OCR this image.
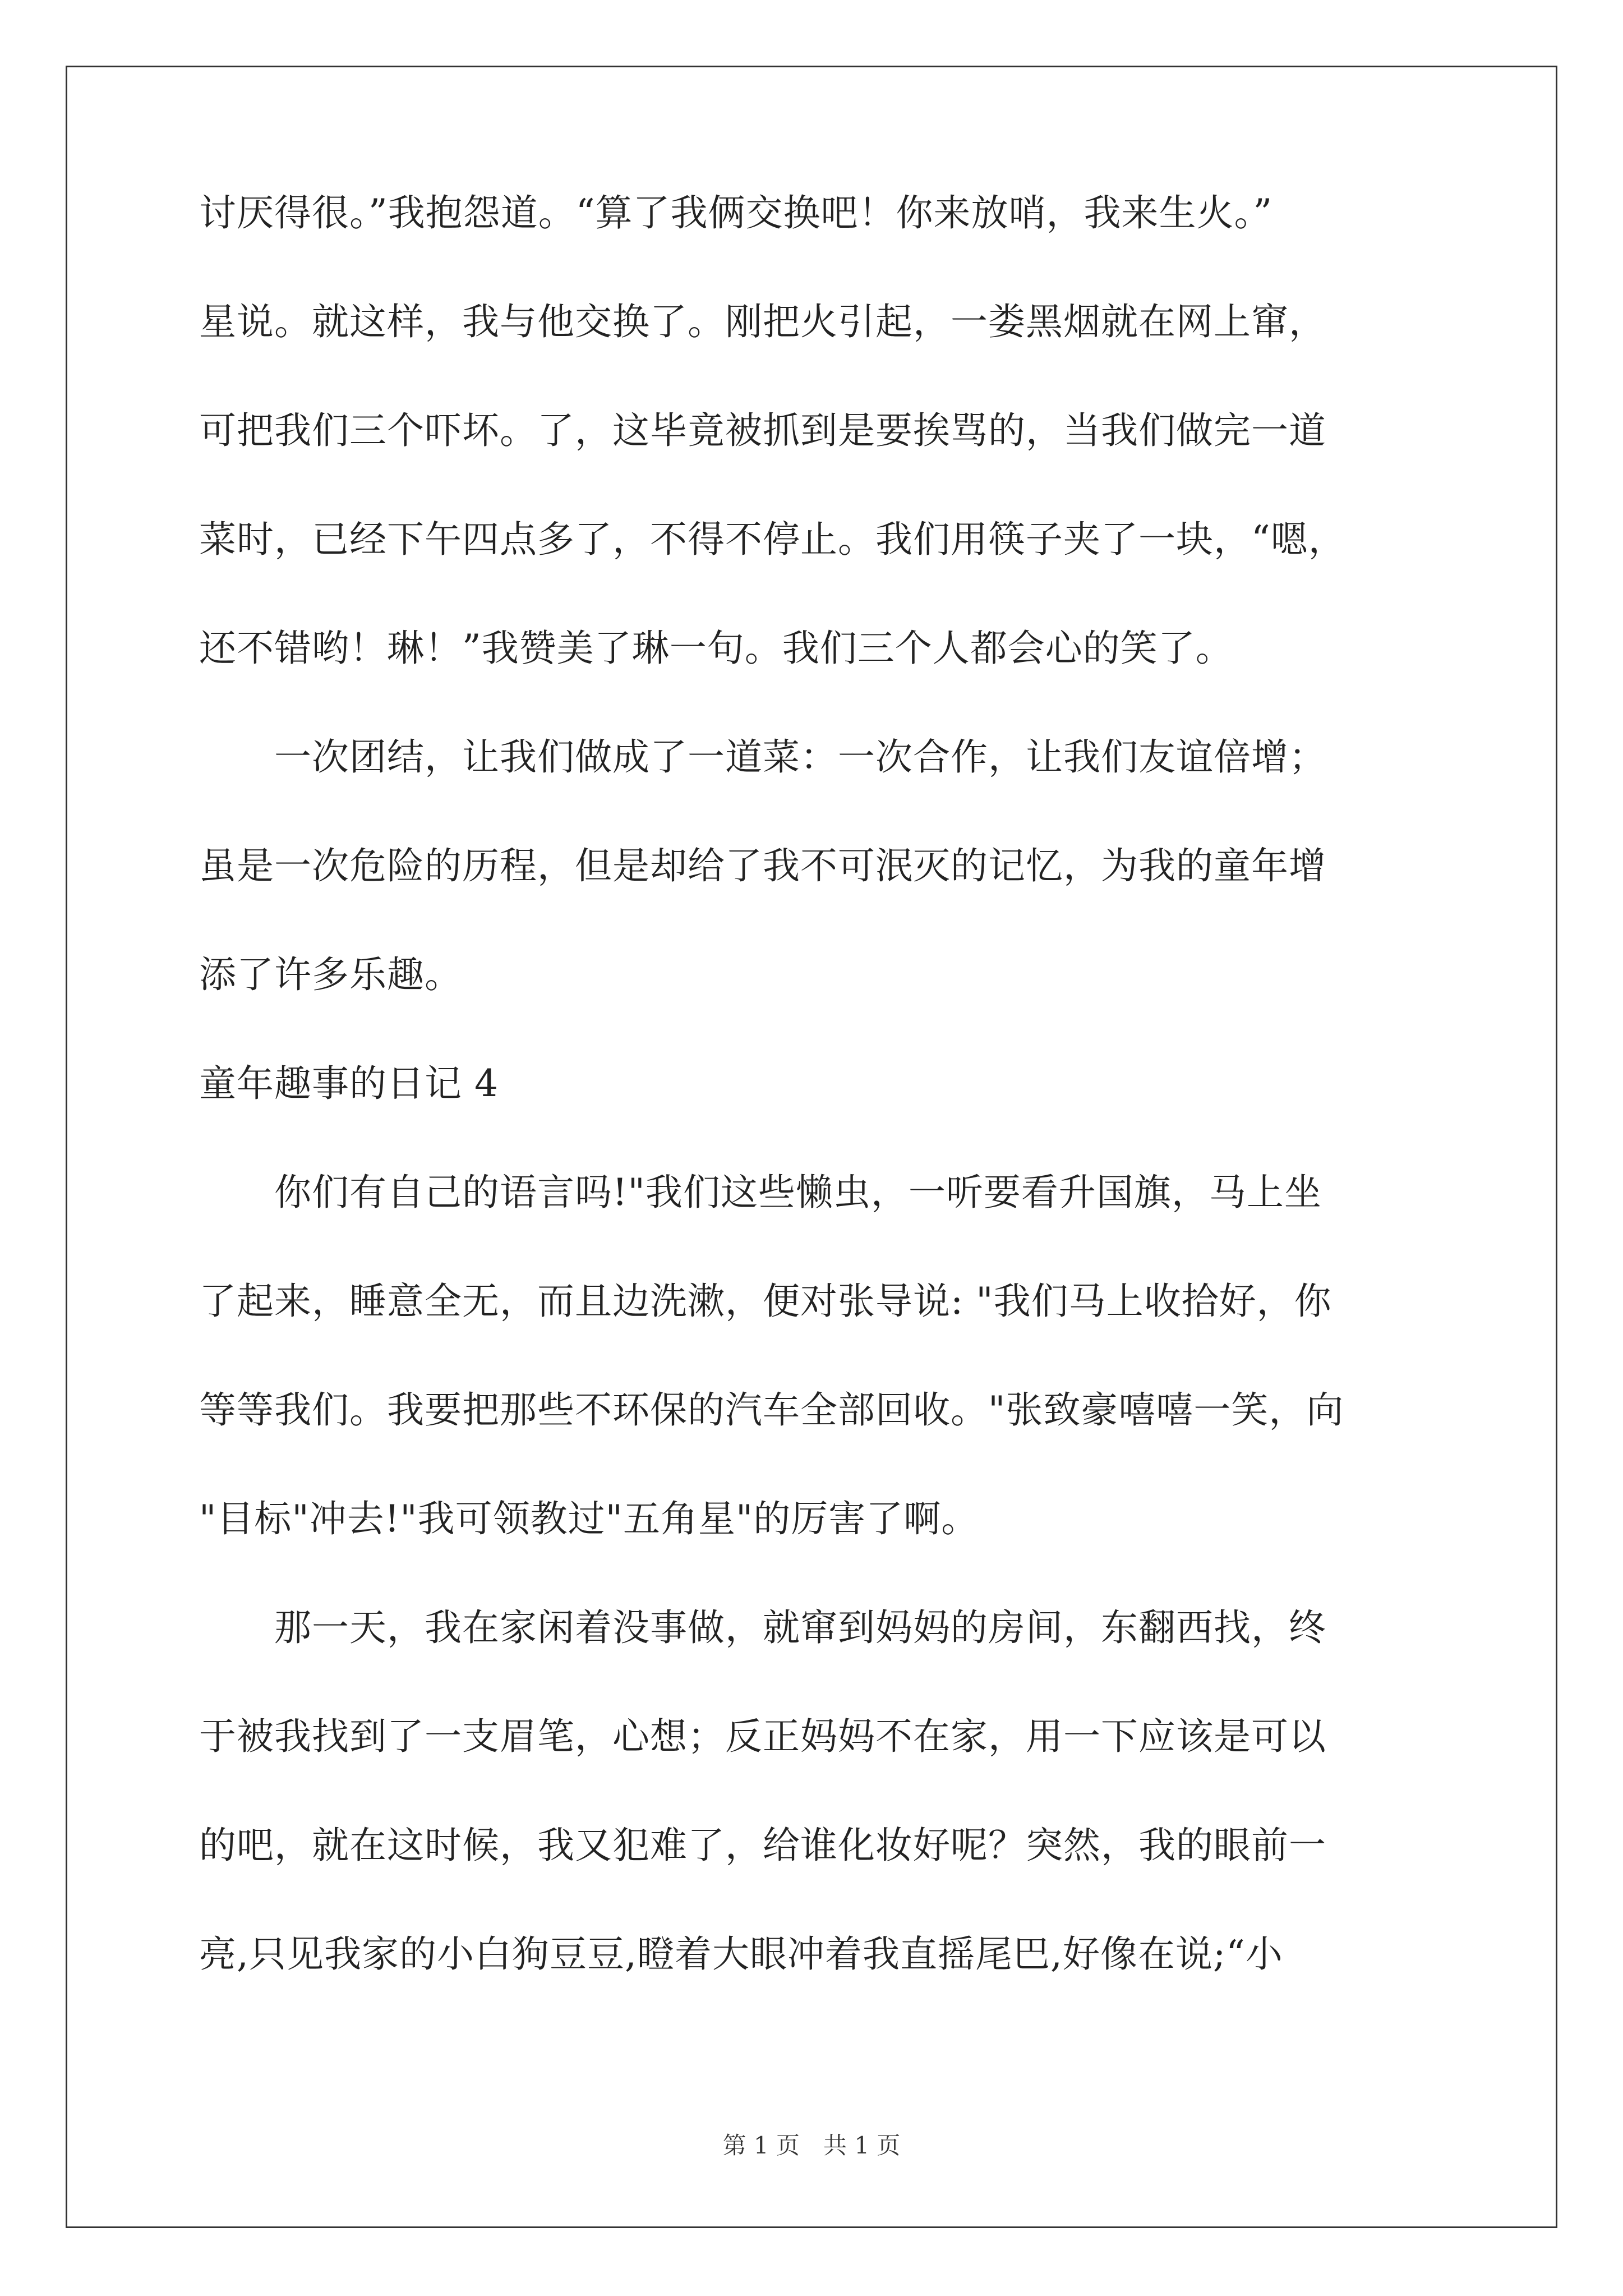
讨厌得很。”我抱怨道。“算了我俩交换吧！你来放哨，我来生火。”
星说。就这样，我与他交换了。刚把火引起，一娄黑烟就在网上窜，
可把我们三个吓坏。了，这毕竟被抓到是要挨骂的，当我们做完一道
菜时，已经下午四点多了，不得不停止。我们用筷子夹了一块，“嗯，
还不错哟！琳！”我赞美了琳一句。我们三个人都会心的笑了。
　　一次团结，让我们做成了一道菜：一次合作，让我们友谊倍增；
虽是一次危险的历程，但是却给了我不可泯灭的记忆，为我的童年增
添了许多乐趣。
童年趣事的日记 4
　　你们有自己的语言吗!"我们这些懒虫，一听要看升国旗，马上坐
了起来，睡意全无，而且边洗漱，便对张导说: "我们马上收拾好，你
等等我们。我要把那些不环保的汽车全部回收。"张致豪嘻嘻一笑，向
"目标"冲去!"我可领教过"五角星"的厉害了啊。
　　那一天，我在家闲着没事做，就窜到妈妈的房间，东翻西找，终
于被我找到了一支眉笔，心想；反正妈妈不在家，用一下应该是可以
的吧，就在这时候，我又犯难了，给谁化妆好呢？突然，我的眼前一
亮,只见我家的小白狗豆豆,瞪着大眼冲着我直摇尾巴,好像在说;“小
第 1 页　共 1 页
